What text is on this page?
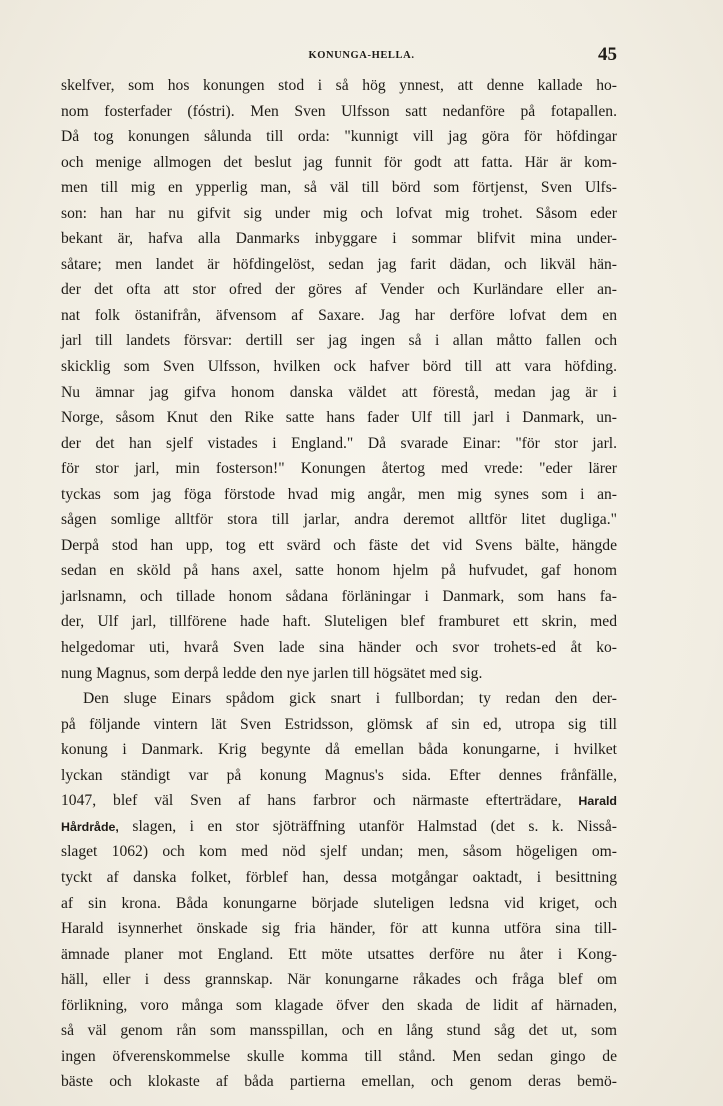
KONUNGA-HELLA.	45
skelfver, som hos konungen stod i så hög ynnest, att denne kallade ho-
nom fosterfader (fóstri). Men Sven Ulfsson satt nedanföre på fotapallen.
Då tog konungen sålunda till orda: "kunnigt vill jag göra för höfdingar
och menige allmogen det beslut jag funnit för godt att fatta. Här är kom-
men till mig en ypperlig man, så väl till börd som förtjenst, Sven Ulfs-
son: han har nu gifvit sig under mig och lofvat mig trohet. Såsom eder
bekant är, hafva alla Danmarks inbyggare i sommar blifvit mina under-
såtare; men landet är höfdingelöst, sedan jag farit dädan, och likväl hän-
der det ofta att stor ofred der göres af Vender och Kurländare eller an-
nat folk östanifrån, äfvensom af Saxare. Jag har derföre lofvat dem en
jarl till landets försvar: dertill ser jag ingen så i allan måtto fallen och
skicklig som Sven Ulfsson, hvilken ock hafver börd till att vara höfding.
Nu ämnar jag gifva honom danska väldet att förestå, medan jag är i
Norge, såsom Knut den Rike satte hans fader Ulf till jarl i Danmark, un-
der det han sjelf vistades i England." Då svarade Einar: "för stor jarl.
för stor jarl, min fosterson!" Konungen återtog med vrede: "eder lärer
tyckas som jag föga förstode hvad mig angår, men mig synes som i an-
sågen somlige alltför stora till jarlar, andra deremot alltför litet dugliga."
Derpå stod han upp, tog ett svärd och fäste det vid Svens bälte, hängde
sedan en sköld på hans axel, satte honom hjelm på hufvudet, gaf honom
jarlsnamn, och tillade honom sådana förläningar i Danmark, som hans fa-
der, Ulf jarl, tillförene hade haft. Sluteligen blef framburet ett skrin, med
helgedomar uti, hvarå Sven lade sina händer och svor trohets-ed åt ko-
nung Magnus, som derpå ledde den nye jarlen till högsätet med sig.
Den sluge Einars spådom gick snart i fullbordan; ty redan den der-
på följande vintern lät Sven Estridsson, glömsk af sin ed, utropa sig till
konung i Danmark. Krig begynte då emellan båda konungarne, i hvilket
lyckan ständigt var på konung Magnus's sida. Efter dennes frånfälle,
1047, blef väl Sven af hans farbror och närmaste efterträdare, Harald
Hårdråde, slagen, i en stor sjöträffning utanför Halmstad (det s. k. Nisså-
slaget 1062) och kom med nöd sjelf undan; men, såsom högeligen om-
tyckt af danska folket, förblef han, dessa motgångar oaktadt, i besittning
af sin krona. Båda konungarne började sluteligen ledsna vid kriget, och
Harald isynnerhet önskade sig fria händer, för att kunna utföra sina till-
ämnade planer mot England. Ett möte utsattes derföre nu åter i Kong-
häll, eller i dess grannskap. När konungarne råkades och fråga blef om
förlikning, voro många som klagade öfver den skada de lidit af härnaden,
så väl genom rån som mansspillan, och en lång stund såg det ut, som
ingen öfverenskommelse skulle komma till stånd. Men sedan gingo de
bäste och klokaste af båda partierna emellan, och genom deras bemö-
